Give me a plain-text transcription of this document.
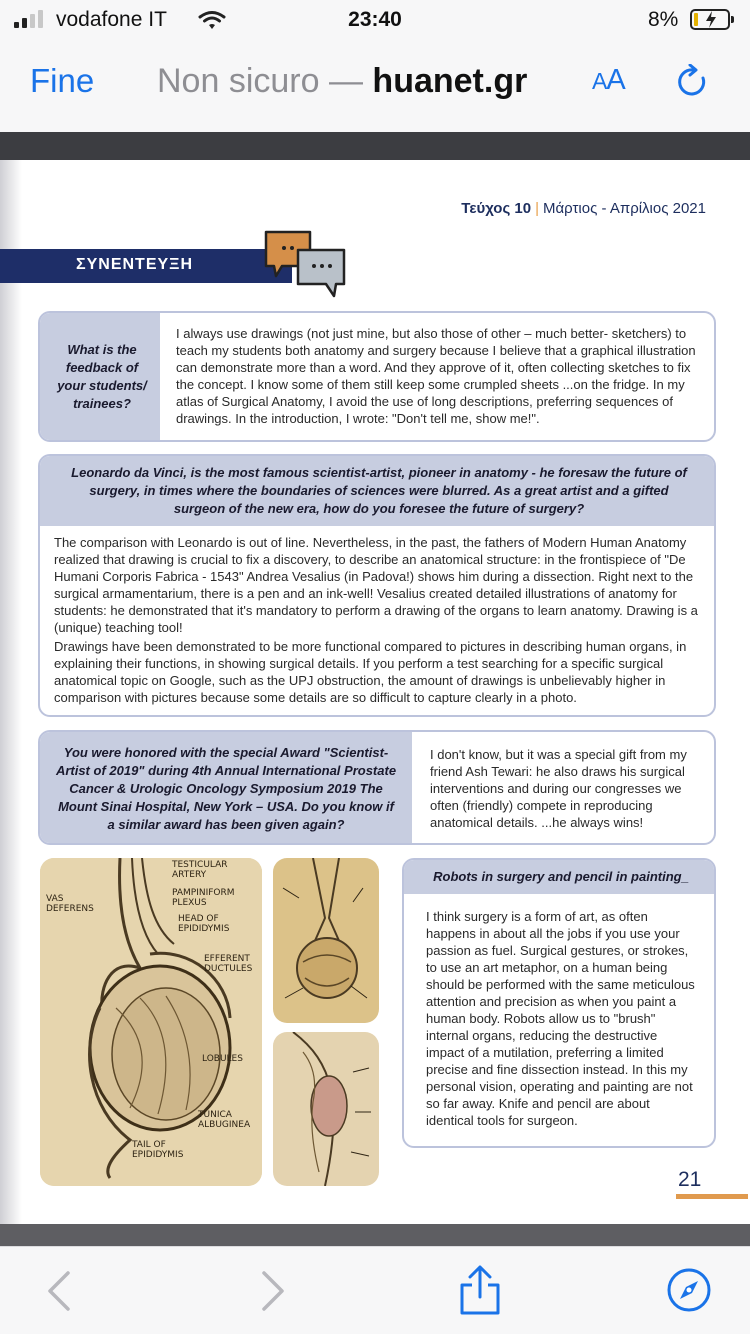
vodafone IT	23:40	8%
Fine Non sicuro — huanet.gr	AA
Τεύχος 10 | Μάρτιος - Απρίλιος 2021
ΣΥΝΕΝΤΕΥΞΗ
What is the feedback of your students/ trainees?
I always use drawings (not just mine, but also those of other – much better- sketchers) to teach my students both anatomy and surgery because I believe that a graphical illustration can demonstrate more than a word. And they approve of it, often collecting sketches to fix the concept. I know some of them still keep some crumpled sheets ...on the fridge. In my atlas of Surgical Anatomy, I avoid the use of long descriptions, preferring sequences of drawings. In the introduction, I wrote: "Don't tell me, show me!".
Leonardo da Vinci, is the most famous scientist-artist, pioneer in anatomy - he foresaw the future of surgery, in times where the boundaries of sciences were blurred. As a great artist and a gifted surgeon of the new era, how do you foresee the future of surgery?
The comparison with Leonardo is out of line. Nevertheless, in the past, the fathers of Modern Human Anatomy realized that drawing is crucial to fix a discovery, to describe an anatomical structure: in the frontispiece of "De Humani Corporis Fabrica - 1543" Andrea Vesalius (in Padova!) shows him during a dissection. Right next to the surgical armamentarium, there is a pen and an ink-well! Vesalius created detailed illustrations of anatomy for students: he demonstrated that it's mandatory to perform a drawing of the organs to learn anatomy. Drawing is a (unique) teaching tool!
Drawings have been demonstrated to be more functional compared to pictures in describing human organs, in explaining their functions, in showing surgical details. If you perform a test searching for a specific surgical anatomical topic on Google, such as the UPJ obstruction, the amount of drawings is unbelievably higher in comparison with pictures because some details are so difficult to capture clearly in a photo.
You were honored with the special Award "Scientist-Artist of 2019" during 4th Annual International Prostate Cancer & Urologic Oncology Symposium 2019 The Mount Sinai Hospital, New York – USA. Do you know if a similar award has been given again?
I don't know, but it was a special gift from my friend Ash Tewari: he also draws his surgical interventions and during our congresses we often (friendly) compete in reproducing anatomical details. ...he always wins!
VAS DEFERENS
TESTICULAR ARTERY
PAMPINIFORM PLEXUS
HEAD OF EPIDIDYMIS
EFFERENT DUCTULES
LOBULES
TUNICA ALBUGINEA
TAIL OF EPIDIDYMIS
Robots in surgery and pencil in painting_
I think surgery is a form of art, as often happens in about all the jobs if you use your passion as fuel. Surgical gestures, or strokes, to use an art metaphor, on a human being should be performed with the same meticulous attention and precision as when you paint a human body. Robots allow us to "brush" internal organs, reducing the destructive impact of a mutilation, preferring a limited precise and fine dissection instead. In this my personal vision, operating and painting are not so far away. Knife and pencil are about identical tools for surgeon.
21
